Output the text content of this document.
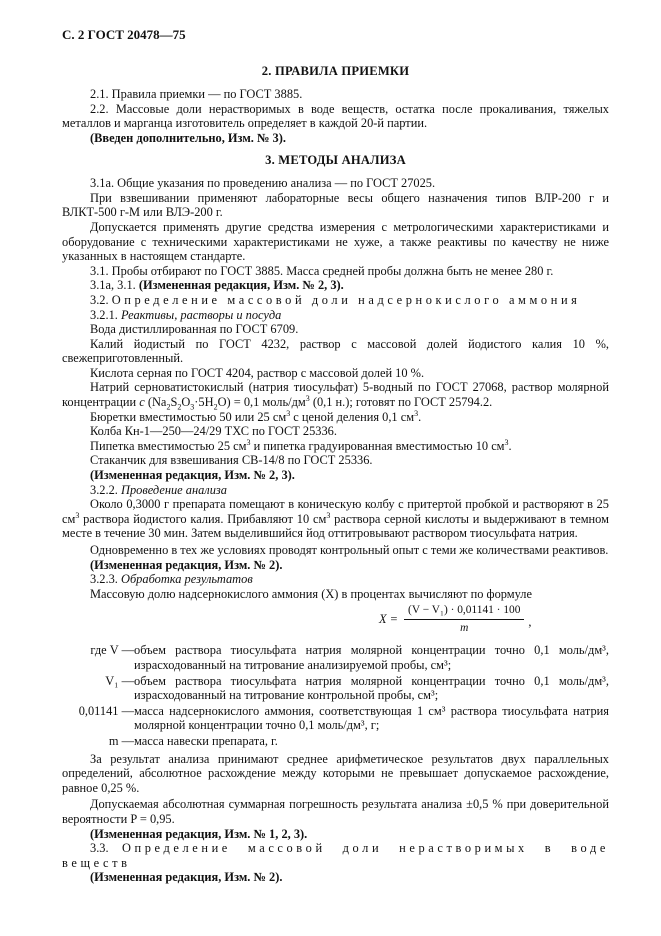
С. 2 ГОСТ 20478—75
2. ПРАВИЛА ПРИЕМКИ

2.1. Правила приемки — по ГОСТ 3885.

2.2. Массовые доли нерастворимых в воде веществ, остатка после прокаливания, тяжелых металлов и марганца изготовитель определяет в каждой 20-й партии.

(Введен дополнительно, Изм. № 3).

3. МЕТОДЫ АНАЛИЗА

3.1а. Общие указания по проведению анализа — по ГОСТ 27025.

При взвешивании применяют лабораторные весы общего назначения типов ВЛР-200 г и ВЛКТ-500 г-М или ВЛЭ-200 г.

Допускается применять другие средства измерения с метрологическими характеристиками и оборудование с техническими характеристиками не хуже, а также реактивы по качеству не ниже указанных в настоящем стандарте.

3.1. Пробы отбирают по ГОСТ 3885. Масса средней пробы должна быть не менее 280 г.

3.1а, 3.1. (Измененная редакция, Изм. № 2, 3).

3.2. Определение массовой доли надсернокислого аммония

3.2.1. Реактивы, растворы и посуда

Вода дистиллированная по ГОСТ 6709.

Калий йодистый по ГОСТ 4232, раствор с массовой долей йодистого калия 10 %, свежеприготовленный.

Кислота серная по ГОСТ 4204, раствор с массовой долей 10 %.

Натрий серноватистокислый (натрия тиосульфат) 5-водный по ГОСТ 27068, раствор молярной концентрации c $(Na_2S_2O_3\cdot 5H_2O) = 0,1$ моль/$дм^3$ (0,1 н.); готовят по ГОСТ 25794.2.

Бюретки вместимостью 50 или 25 $см^3$ с ценой деления 0,1 $см^3$.

Колба Кн-1—250—24/29 ТХС по ГОСТ 25336.

Пипетка вместимостью 25 $см^3$ и пипетка градуированная вместимостью 10 $см^3$.

Стаканчик для взвешивания СВ-14/8 по ГОСТ 25336.

(Измененная редакция, Изм. № 2, 3).

3.2.2. Проведение анализа

Около 0,3000 г препарата помещают в коническую колбу с притертой пробкой и растворяют в 25 $см^3$ раствора йодистого калия. Прибавляют 10 $см^3$ раствора серной кислоты и выдерживают в темном месте в течение 30 мин. Затем выделившийся йод оттитровывают раствором тиосульфата натрия.

Одновременно в тех же условиях проводят контрольный опыт с теми же количествами реактивов.

(Измененная редакция, Изм. № 2).

3.2.3. Обработка результатов

Массовую долю надсернокислого аммония (X) в процентах вычисляют по формуле

$X = \frac{\text{(V − V₁) · 0,01141 · 100}}{m}$ ,
где V —	объем раствора тиосульфата натрия молярной концентрации точно 0,1 моль/дм³, израсходованный на титрование анализируемой пробы, см³;
V₁ —	объем раствора тиосульфата натрия молярной концентрации точно 0,1 моль/дм³, израсходованный на титрование контрольной пробы, см³;
0,01141 —	масса надсернокислого аммония, соответствующая 1 см³ раствора тиосульфата натрия молярной концентрации точно 0,1 моль/дм³, г;
m —	масса навески препарата, г.

За результат анализа принимают среднее арифметическое результатов двух параллельных определений, абсолютное расхождение между которыми не превышает допускаемое расхождение, равное 0,25 %.

Допускаемая абсолютная суммарная погрешность результата анализа ±0,5 % при доверительной вероятности P = 0,95.

(Измененная редакция, Изм. № 1, 2, 3).

3.3. Определение массовой доли нерастворимых в воде веществ

(Измененная редакция, Изм. № 2).
